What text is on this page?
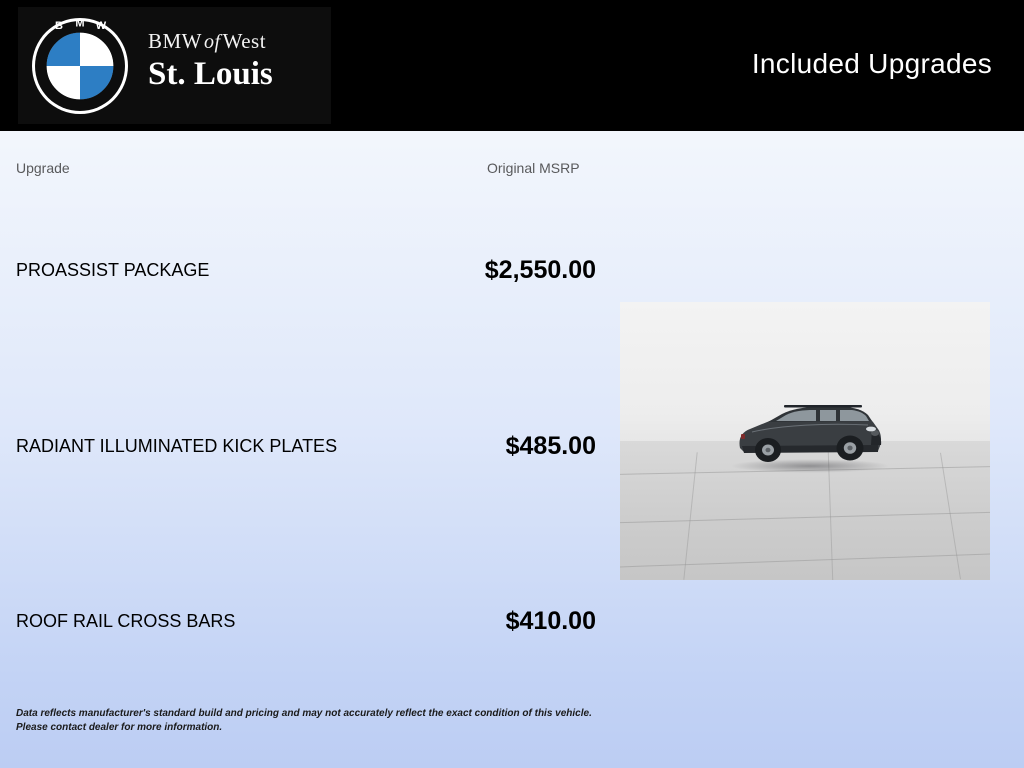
B M W
BMW ofWest
St. Louis	Included Upgrades
Upgrade	Original MSRP
PROASSIST PACKAGE	$2,550.00
RADIANT ILLUMINATED KICK PLATES	$485.00
ROOF RAIL CROSS BARS	$410.00
Data reflects manufacturer's standard build and pricing and may not accurately reflect the exact condition of this vehicle.
Please contact dealer for more information.
